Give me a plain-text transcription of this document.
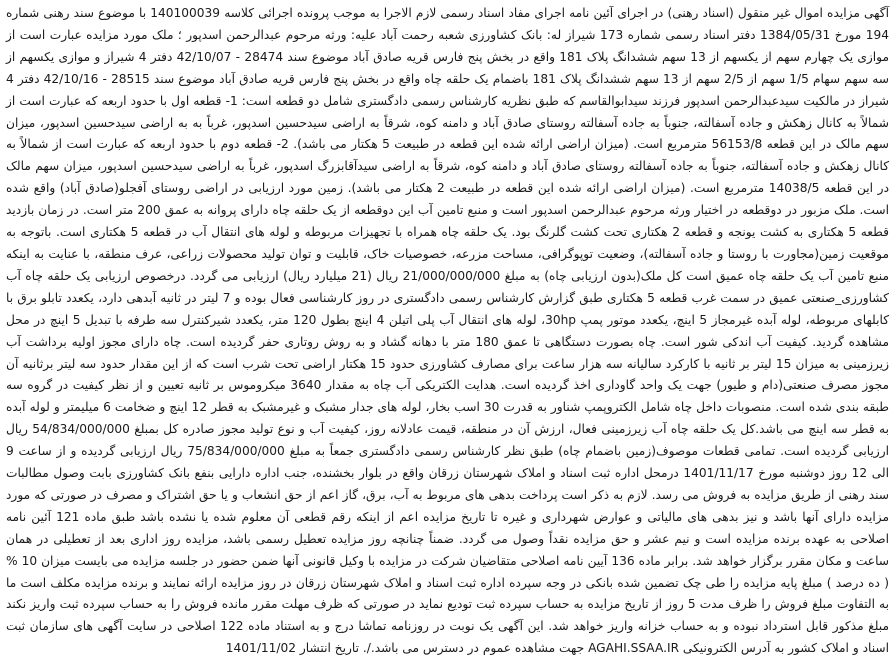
آگهی مزایده اموال غیر منقول (اسناد رهنی) در اجرای آئین نامه اجرای مفاد اسناد رسمی لازم الاجرا به موجب پرونده اجرائی کلاسه 140100039 با موضوع سند رهنی شماره 194 مورخ 1384/05/31 دفتر اسناد رسمی شماره 173 شیراز له: بانک کشاورزی شعبه رحمت آباد علیه: ورثه مرحوم عبدالرحمن اسدپور ؛ ملک مورد مزایده عبارت است از موازی یک چهارم سهم از یکسهم از 13 سهم ششدانگ پلاک 181 واقع در بخش پنج فارس قریه صادق آباد موضوع سند 28474 - 42/10/07 دفتر 4 شیراز و موازی یکسهم از سه سهم سهام 1/5 سهم از 2/5 سهم از 13 سهم ششدانگ پلاک 181 باضمام یک حلقه چاه واقع در بخش پنج فارس قریه صادق آباد موضوع سند 28515 - 42/10/16 دفتر 4 شیراز در مالکیت سیدعبدالرحمن اسدپور فرزند سیدابوالقاسم که طبق نظریه کارشناس رسمی دادگستری شامل دو قطعه است: 1- قطعه اول با حدود اربعه که عبارت است از شمالاً به کانال زهکش و جاده آسفالته، جنوباً به جاده آسفالته روستای صادق آباد و دامنه کوه، شرقاً به اراضی سیدحسین اسدپور، غرباً به به اراضی سیدحسین اسدپور، میزان سهم مالک در این قطعه 56153/8 مترمربع است. (میزان اراضی ارائه شده این قطعه در طبیعت 5 هکتار می باشد). 2- قطعه دوم با حدود اربعه که عبارت است از شمالاً به کانال زهکش و جاده آسفالته، جنوباً به جاده آسفالته روستای صادق آباد و دامنه کوه، شرقاً به اراضی سیدآقابزرگ اسدپور، غرباً به اراضی سیدحسین اسدپور، میزان سهم مالک در این قطعه 14038/5 مترمربع است. (میزان اراضی ارائه شده این قطعه در طبیعت 2 هکتار می باشد). زمین مورد ارزیابی در اراضی روستای آفجلو(صادق آباد) واقع شده است. ملک مزبور در دوقطعه در اختیار ورثه مرحوم عبدالرحمن اسدپور است و منبع تامین آب این دوقطعه از یک حلقه چاه دارای پروانه به عمق 200 متر است. در زمان بازدید قطعه 5 هکتاری به کشت یونجه و قطعه 2 هکتاری تحت کشت گلرنگ بود. یک حلقه چاه همراه با تجهیزات مربوطه و لوله های انتقال آب در قطعه 5 هکتاری است. باتوجه به موقعیت زمین(مجاورت با روستا و جاده آسفالته)، وضعیت توپوگرافی، مساحت مزرعه، خصوصیات خاک، قابلیت و توان تولید محصولات زراعی، عرف منطقه، با عنایت به اینکه منبع تامین آب یک حلقه چاه عمیق است کل ملک(بدون ارزیابی چاه) به مبلغ 21/000/000/000 ریال (21 میلیارد ریال) ارزیابی می گردد. درخصوص ارزیابی یک حلقه چاه آب کشاورزی_صنعتی عمیق در سمت غرب قطعه 5 هکتاری طبق گزارش کارشناس رسمی دادگستری در روز کارشناسی فعال بوده و 7 لیتر در ثانیه آبدهی دارد، یکعدد تابلو برق با کابلهای مربوطه، لوله آبده غیرمجاز 5 اینچ، یکعدد موتور پمپ 30hp، لوله های انتقال آب پلی اتیلن 4 اینچ بطول 120 متر، یکعدد شیرکنترل سه طرفه با تبدیل 5 اینچ در محل مشاهده گردید. کیفیت آب اندکی شور است. چاه بصورت دستگاهی تا عمق 180 متر با دهانه گشاد و به روش روتاری حفر گردیده است. چاه دارای مجوز اولیه برداشت آب زیرزمینی به میزان 15 لیتر بر ثانیه با کارکرد سالیانه سه هزار ساعت برای مصارف کشاورزی حدود 15 هکتار اراضی تحت شرب است که از این مقدار حدود سه لیتر برثانیه آن مجوز مصرف صنعتی(دام و طیور) جهت یک واحد گاوداری اخذ گردیده است. هدایت الکتریکی آب چاه به مقدار 3640 میکروموس بر ثانیه تعیین و از نظر کیفیت در گروه سه طبقه بندی شده است. منصوبات داخل چاه شامل الکتروپمپ شناور به قدرت 30 اسب بخار، لوله های جدار مشبک و غیرمشبک به قطر 12 اینچ و ضخامت 6 میلیمتر و لوله آبده به قطر سه اینچ می باشد.کل یک حلقه چاه آب زیرزمینی فعال، ارزش آن در منطقه، قیمت عادلانه روز، کیفیت آب و نوع تولید مجوز صادره کل بمبلغ 54/834/000/000 ریال ارزیابی گردیده است. تمامی قطعات موصوف(زمین باضمام چاه) طبق نظر کارشناس رسمی دادگستری جمعاً به مبلغ 75/834/000/000 ریال ارزیابی گردیده و از ساعت 9 الی 12 روز دوشنبه مورخ 1401/11/17 درمحل اداره ثبت اسناد و املاک شهرستان زرقان واقع در بلوار بخشنده، جنب اداره دارایی بنفع بانک کشاورزی بابت وصول مطالبات سند رهنی از طریق مزایده به فروش می رسد. لازم به ذکر است پرداخت بدهی های مربوط به آب، برق، گاز اعم از حق انشعاب و یا حق اشتراک و مصرف در صورتی که مورد مزایده دارای آنها باشد و نیز بدهی های مالیاتی و عوارض شهرداری و غیره تا تاریخ مزایده اعم از اینکه رقم قطعی آن معلوم شده یا نشده باشد طبق ماده 121 آئین نامه اصلاحی به عهده برنده مزایده است و نیم عشر و حق مزایده نقداً وصول می گردد. ضمناً چنانچه روز مزایده تعطیل رسمی باشد، مزایده روز اداری بعد از تعطیلی در همان ساعت و مکان مقرر برگزار خواهد شد. برابر ماده 136 آیین نامه اصلاحی متقاضیان شرکت در مزایده با وکیل قانونی آنها ضمن حضور در جلسه مزایده می بایست میزان 10 % ( ده درصد ) مبلغ پایه مزایده را طی چک تضمین شده بانکی در وجه سپرده اداره ثبت اسناد و املاک شهرستان زرقان در روز مزایده ارائه نمایند و برنده مزایده مکلف است ما به التفاوت مبلغ فروش را ظرف مدت 5 روز از تاریخ مزایده به حساب سپرده ثبت تودیع نماید در صورتی که ظرف مهلت مقرر مانده فروش را به حساب سپرده ثبت واریز نکند مبلغ مذکور قابل استرداد نبوده و به حساب خزانه واریز خواهد شد. این آگهی یک نوبت در روزنامه تماشا درج و به استناد ماده 122 اصلاحی در سایت آگهی های سازمان ثبت اسناد و املاک کشور به آدرس الکترونیکی AGAHI.SSAA.IR جهت مشاهده عموم در دسترس می باشد./. تاریخ انتشار 1401/11/02
